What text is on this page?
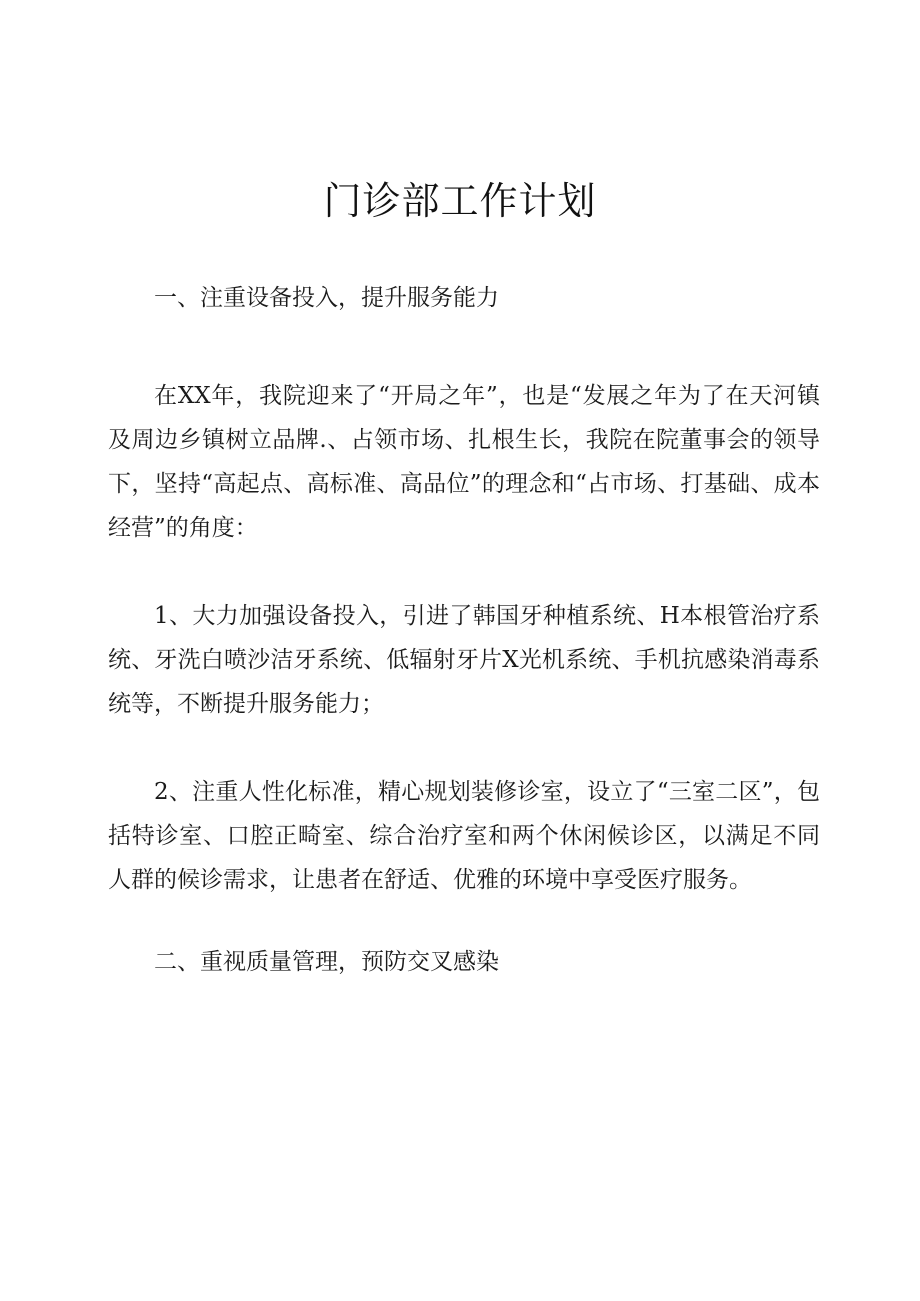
门诊部工作计划

一、注重设备投入，提升服务能力

在XX年，我院迎来了“开局之年”，也是“发展之年为了在天河镇及周边乡镇树立品牌.、占领市场、扎根生长，我院在院董事会的领导下，坚持“高起点、高标准、高品位”的理念和“占市场、打基础、成本经营”的角度：

1、大力加强设备投入，引进了韩国牙种植系统、H本根管治疗系统、牙洗白喷沙洁牙系统、低辐射牙片X光机系统、手机抗感染消毒系统等，不断提升服务能力；

2、注重人性化标准，精心规划装修诊室，设立了“三室二区”，包括特诊室、口腔正畸室、综合治疗室和两个休闲候诊区，以满足不同人群的候诊需求，让患者在舒适、优雅的环境中享受医疗服务。

二、重视质量管理，预防交叉感染
